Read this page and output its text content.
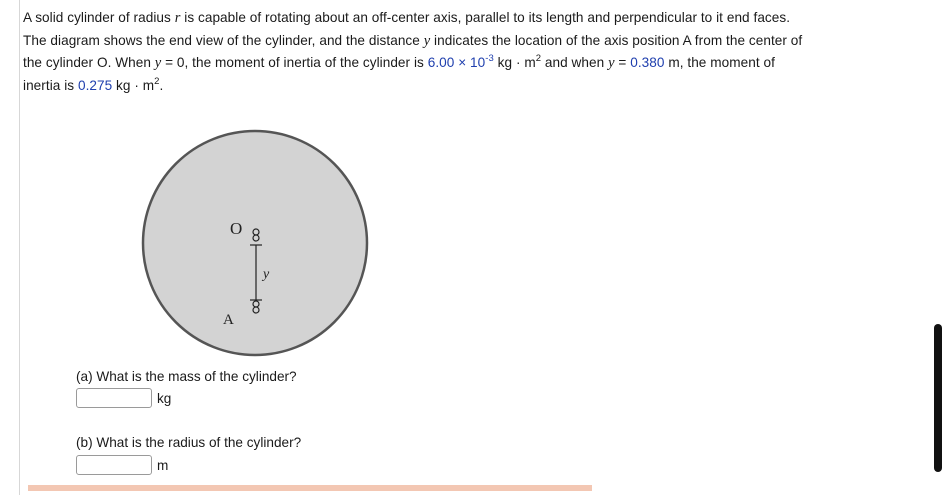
A solid cylinder of radius r is capable of rotating about an off-center axis, parallel to its length and perpendicular to it end faces.
The diagram shows the end view of the cylinder, and the distance y indicates the location of the axis position A from the center of
the cylinder O. When y = 0, the moment of inertia of the cylinder is $6.00 \times 10^{-3}$ kg · $m^2$ and when y = 0.380 m, the moment of
inertia is 0.275 kg · $m^2$.
O
A
y
(a) What is the mass of the cylinder?
kg
(b) What is the radius of the cylinder?
m
